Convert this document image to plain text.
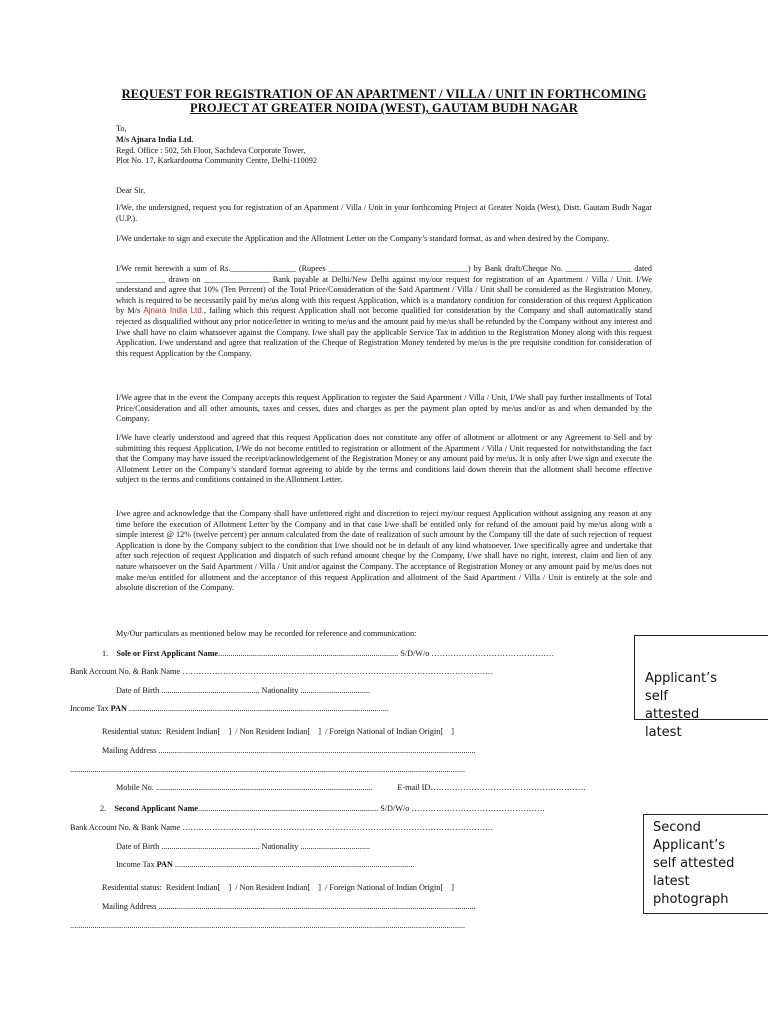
REQUEST FOR REGISTRATION OF AN APARTMENT / VILLA / UNIT IN FORTHCOMING
PROJECT AT GREATER NOIDA (WEST), GAUTAM BUDH NAGAR
To,
M/s Ajnara India Ltd.
Regd. Office : 502, 5th Floor, Sachdeva Corporate Tower,
Plot No. 17, Karkardooma Community Centre, Delhi-110092
Dear Sir,
I/We, the undersigned, request you for registration of an Apartment / Villa / Unit in your forthcoming Project at Greater Noida (West), Distt. Gautam Budh Nagar (U.P.).
I/We undertake to sign and execute the Application and the Allotment Letter on the Company’s standard format, as and when desired by the Company.
I/We remit herewith a sum of Rs.________________ (Rupees __________________________________) by Bank draft/Cheque No. ________________ dated ____________ drawn on ________________ Bank payable at Delhi/New Delhi against my/our request for registration of an Apartment / Villa / Unit. I/We understand and agree that 10% (Ten Percent) of the Total Price/Consideration of the Said Apartment / Villa / Unit shall be considered as the Registration Money, which is required to be necessarily paid by me/us along with this request Application, which is a mandatory condition for consideration of this request Application by M/s Ajnara India Ltd., failing which this request Application shall not become qualified for consideration by the Company and shall automatically stand rejected as disqualified without any prior notice/letter in writing to me/us and the amount paid by me/us shall be refunded by the Company without any interest and I/we shall have no claim whatsoever against the Company. I/we shall pay the applicable Service Tax in addition to the Registration Money along with this request Application. I/we understand and agree that realization of the Cheque of Registration Money tendered by me/us is the pre requisite condition for consideration of this request Application by the Company.
I/We agree that in the event the Company accepts this request Application to register the Said Apartment / Villa / Unit, I/We shall pay further installments of Total Price/Consideration and all other amounts, taxes and cesses, dues and charges as per the payment plan opted by me/us and/or as and when demanded by the Company.
I/We have clearly understood and agreed that this request Application does not constitute any offer of allotment or allotment or any Agreement to Sell and by submitting this request Application, I/We do not become entitled to registration or allotment of the Apartment / Villa / Unit requested for notwithstanding the fact that the Company may have issued the receipt/acknowledgement of the Registration Money or any amount paid by me/us. It is only after I/we sign and execute the Allotment Letter on the Company’s standard format agreeing to abide by the terms and conditions laid down therein that the allotment shall become effective subject to the terms and conditions contained in the Allotment Letter.
I/we agree and acknowledge that the Company shall have unfettered right and discretion to reject my/our request Application without assigning any reason at any time before the execution of Allotment Letter by the Company and in that case I/we shall be entitled only for refund of the amount paid by me/us along with a simple interest @ 12% (twelve percent) per annum calculated from the date of realization of such amount by the Company till the date of such rejection of request Application is done by the Company subject to the condition that I/we should not be in default of any kind whatsoever. I/we specifically agree and undertake that after such rejection of request Application and dispatch of such refund amount cheque by the Company, I/we shall have no right, interest, claim and lien of any nature whatsoever on the Said Apartment / Villa / Unit and/or against the Company. The acceptance of Registration Money or any amount paid by me/us does not make me/us entitled for allotment and the acceptance of this request Application and allotment of the Said Apartment / Villa / Unit is entirely at the sole and absolute discretion of the Company.
My/Our particulars as mentioned below may be recorded for reference and communication:
1. Sole or First Applicant Name........................................................................................ S/D/W/o ………………………………………
Bank Account No. & Bank Name ……………………………………………………………………………………………………
Date of Birth ................................................ Nationality ..................................
Income Tax PAN ...............................................................................................................................
Residential status: Resident Indian[ ] / Non Resident Indian[ ] / Foreign National of Indian Origin[ ]
Mailing Address ...........................................................................................................................................................
.................................................................................................................................................................................................
Mobile No. ..........................................................................................................	E-mail ID…………………………………………………
2. Second Applicant Name........................................................................................ S/D/W/o ………………………………………….
Bank Account No. & Bank Name ……………………………………………………………………………………………………
Date of Birth ................................................ Nationality ..................................
Income Tax PAN .....................................................................................................................
Residential status: Resident Indian[ ] / Non Resident Indian[ ] / Foreign National of Indian Origin[ ]
Mailing Address ...........................................................................................................................................................
.................................................................................................................................................................................................
Applicant’s
self
attested
latest
Second
Applicant’s
self attested
latest
photograph
